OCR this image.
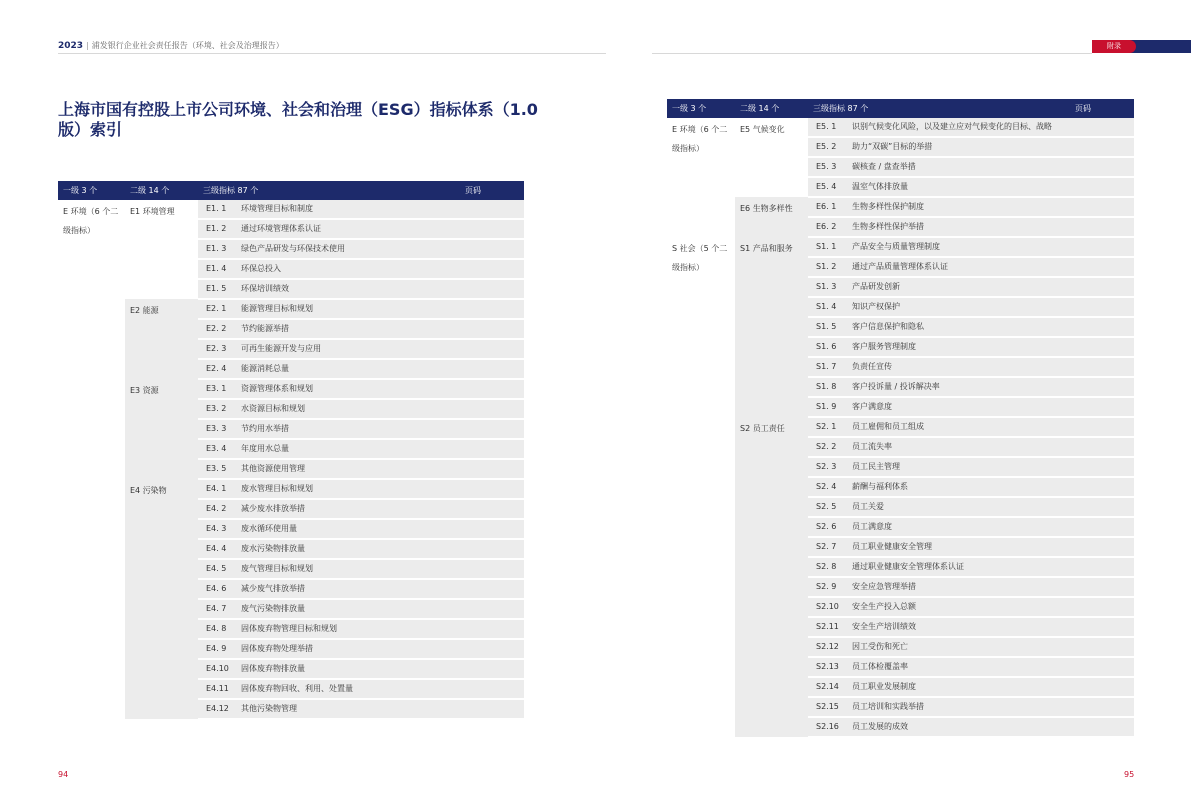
2023 | 浦发银行企业社会责任报告（环境、社会及治理报告）	附录
上海市国有控股上市公司环境、社会和治理（ESG）指标体系（1.0 版）索引
一级 3 个	二级 14 个	三级指标 87 个		页码
E 环境（6 个二级指标）	E1 环境管理	E1. 1	环境管理目标和制度	
		E1. 2	通过环境管理体系认证	
		E1. 3	绿色产品研发与环保技术使用	
		E1. 4	环保总投入	
		E1. 5	环保培训绩效	
	E2 能源	E2. 1	能源管理目标和规划	
		E2. 2	节约能源举措	
		E2. 3	可再生能源开发与应用	
		E2. 4	能源消耗总量	
	E3 资源	E3. 1	资源管理体系和规划	
		E3. 2	水资源目标和规划	
		E3. 3	节约用水举措	
		E3. 4	年度用水总量	
		E3. 5	其他资源使用管理	
	E4 污染物	E4. 1	废水管理目标和规划	
		E4. 2	减少废水排放举措	
		E4. 3	废水循环使用量	
		E4. 4	废水污染物排放量	
		E4. 5	废气管理目标和规划	
		E4. 6	减少废气排放举措	
		E4. 7	废气污染物排放量	
		E4. 8	固体废弃物管理目标和规划	
		E4. 9	固体废弃物处理举措	
		E4.10	固体废弃物排放量	
		E4.11	固体废弃物回收、利用、处置量	
		E4.12	其他污染物管理	
一级 3 个	二级 14 个	三级指标 87 个		页码
E 环境（6 个二级指标）	E5 气候变化	E5. 1	识别气候变化风险，以及建立应对气候变化的目标、战略	
		E5. 2	助力“双碳”目标的举措	
		E5. 3	碳核查 / 盘查举措	
		E5. 4	温室气体排放量	
	E6 生物多样性	E6. 1	生物多样性保护制度	
		E6. 2	生物多样性保护举措	
S 社会（5 个二级指标）	S1 产品和服务	S1. 1	产品安全与质量管理制度	
		S1. 2	通过产品质量管理体系认证	
		S1. 3	产品研发创新	
		S1. 4	知识产权保护	
		S1. 5	客户信息保护和隐私	
		S1. 6	客户服务管理制度	
		S1. 7	负责任宣传	
		S1. 8	客户投诉量 / 投诉解决率	
		S1. 9	客户满意度	
	S2 员工责任	S2. 1	员工雇佣和员工组成	
		S2. 2	员工流失率	
		S2. 3	员工民主管理	
		S2. 4	薪酬与福利体系	
		S2. 5	员工关爱	
		S2. 6	员工满意度	
		S2. 7	员工职业健康安全管理	
		S2. 8	通过职业健康安全管理体系认证	
		S2. 9	安全应急管理举措	
		S2.10	安全生产投入总额	
		S2.11	安全生产培训绩效	
		S2.12	因工受伤和死亡	
		S2.13	员工体检覆盖率	
		S2.14	员工职业发展制度	
		S2.15	员工培训和实践举措	
		S2.16	员工发展的成效	
94	95
